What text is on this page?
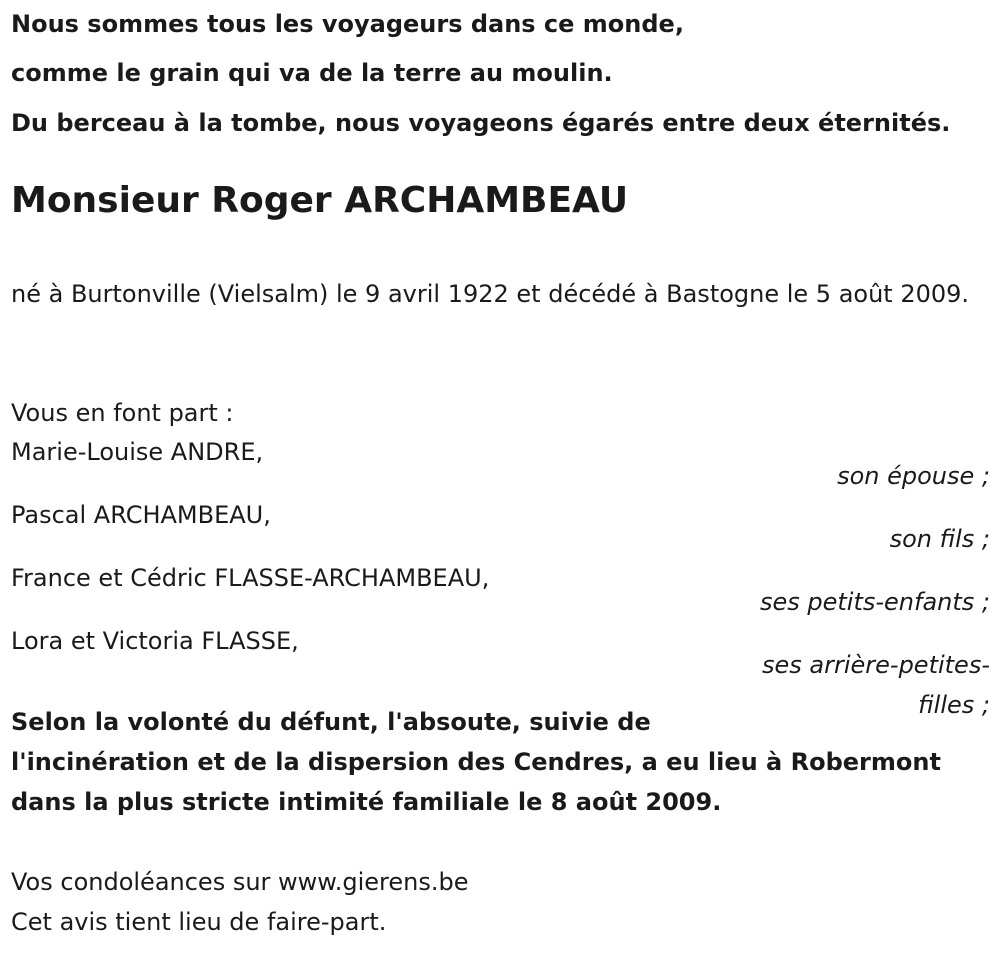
Nous sommes tous les voyageurs dans ce monde,

comme le grain qui va de la terre au moulin.

Du berceau à la tombe, nous voyageons égarés entre deux éternités.

Monsieur Roger ARCHAMBEAU

né à Burtonville (Vielsalm) le 9 avril 1922 et décédé à Bastogne le 5 août 2009.

Vous en font part :

Marie-Louise ANDRE,

son épouse ;

Pascal ARCHAMBEAU,

son fils ;

France et Cédric FLASSE-ARCHAMBEAU,

ses petits-enfants ;

Lora et Victoria FLASSE,

ses arrière-petites-filles ;

Selon la volonté du défunt, l'absoute, suivie de
l'incinération et de la dispersion des Cendres, a eu lieu à Robermont
dans la plus stricte intimité familiale le 8 août 2009.

Vos condoléances sur www.gierens.be
Cet avis tient lieu de faire-part.
